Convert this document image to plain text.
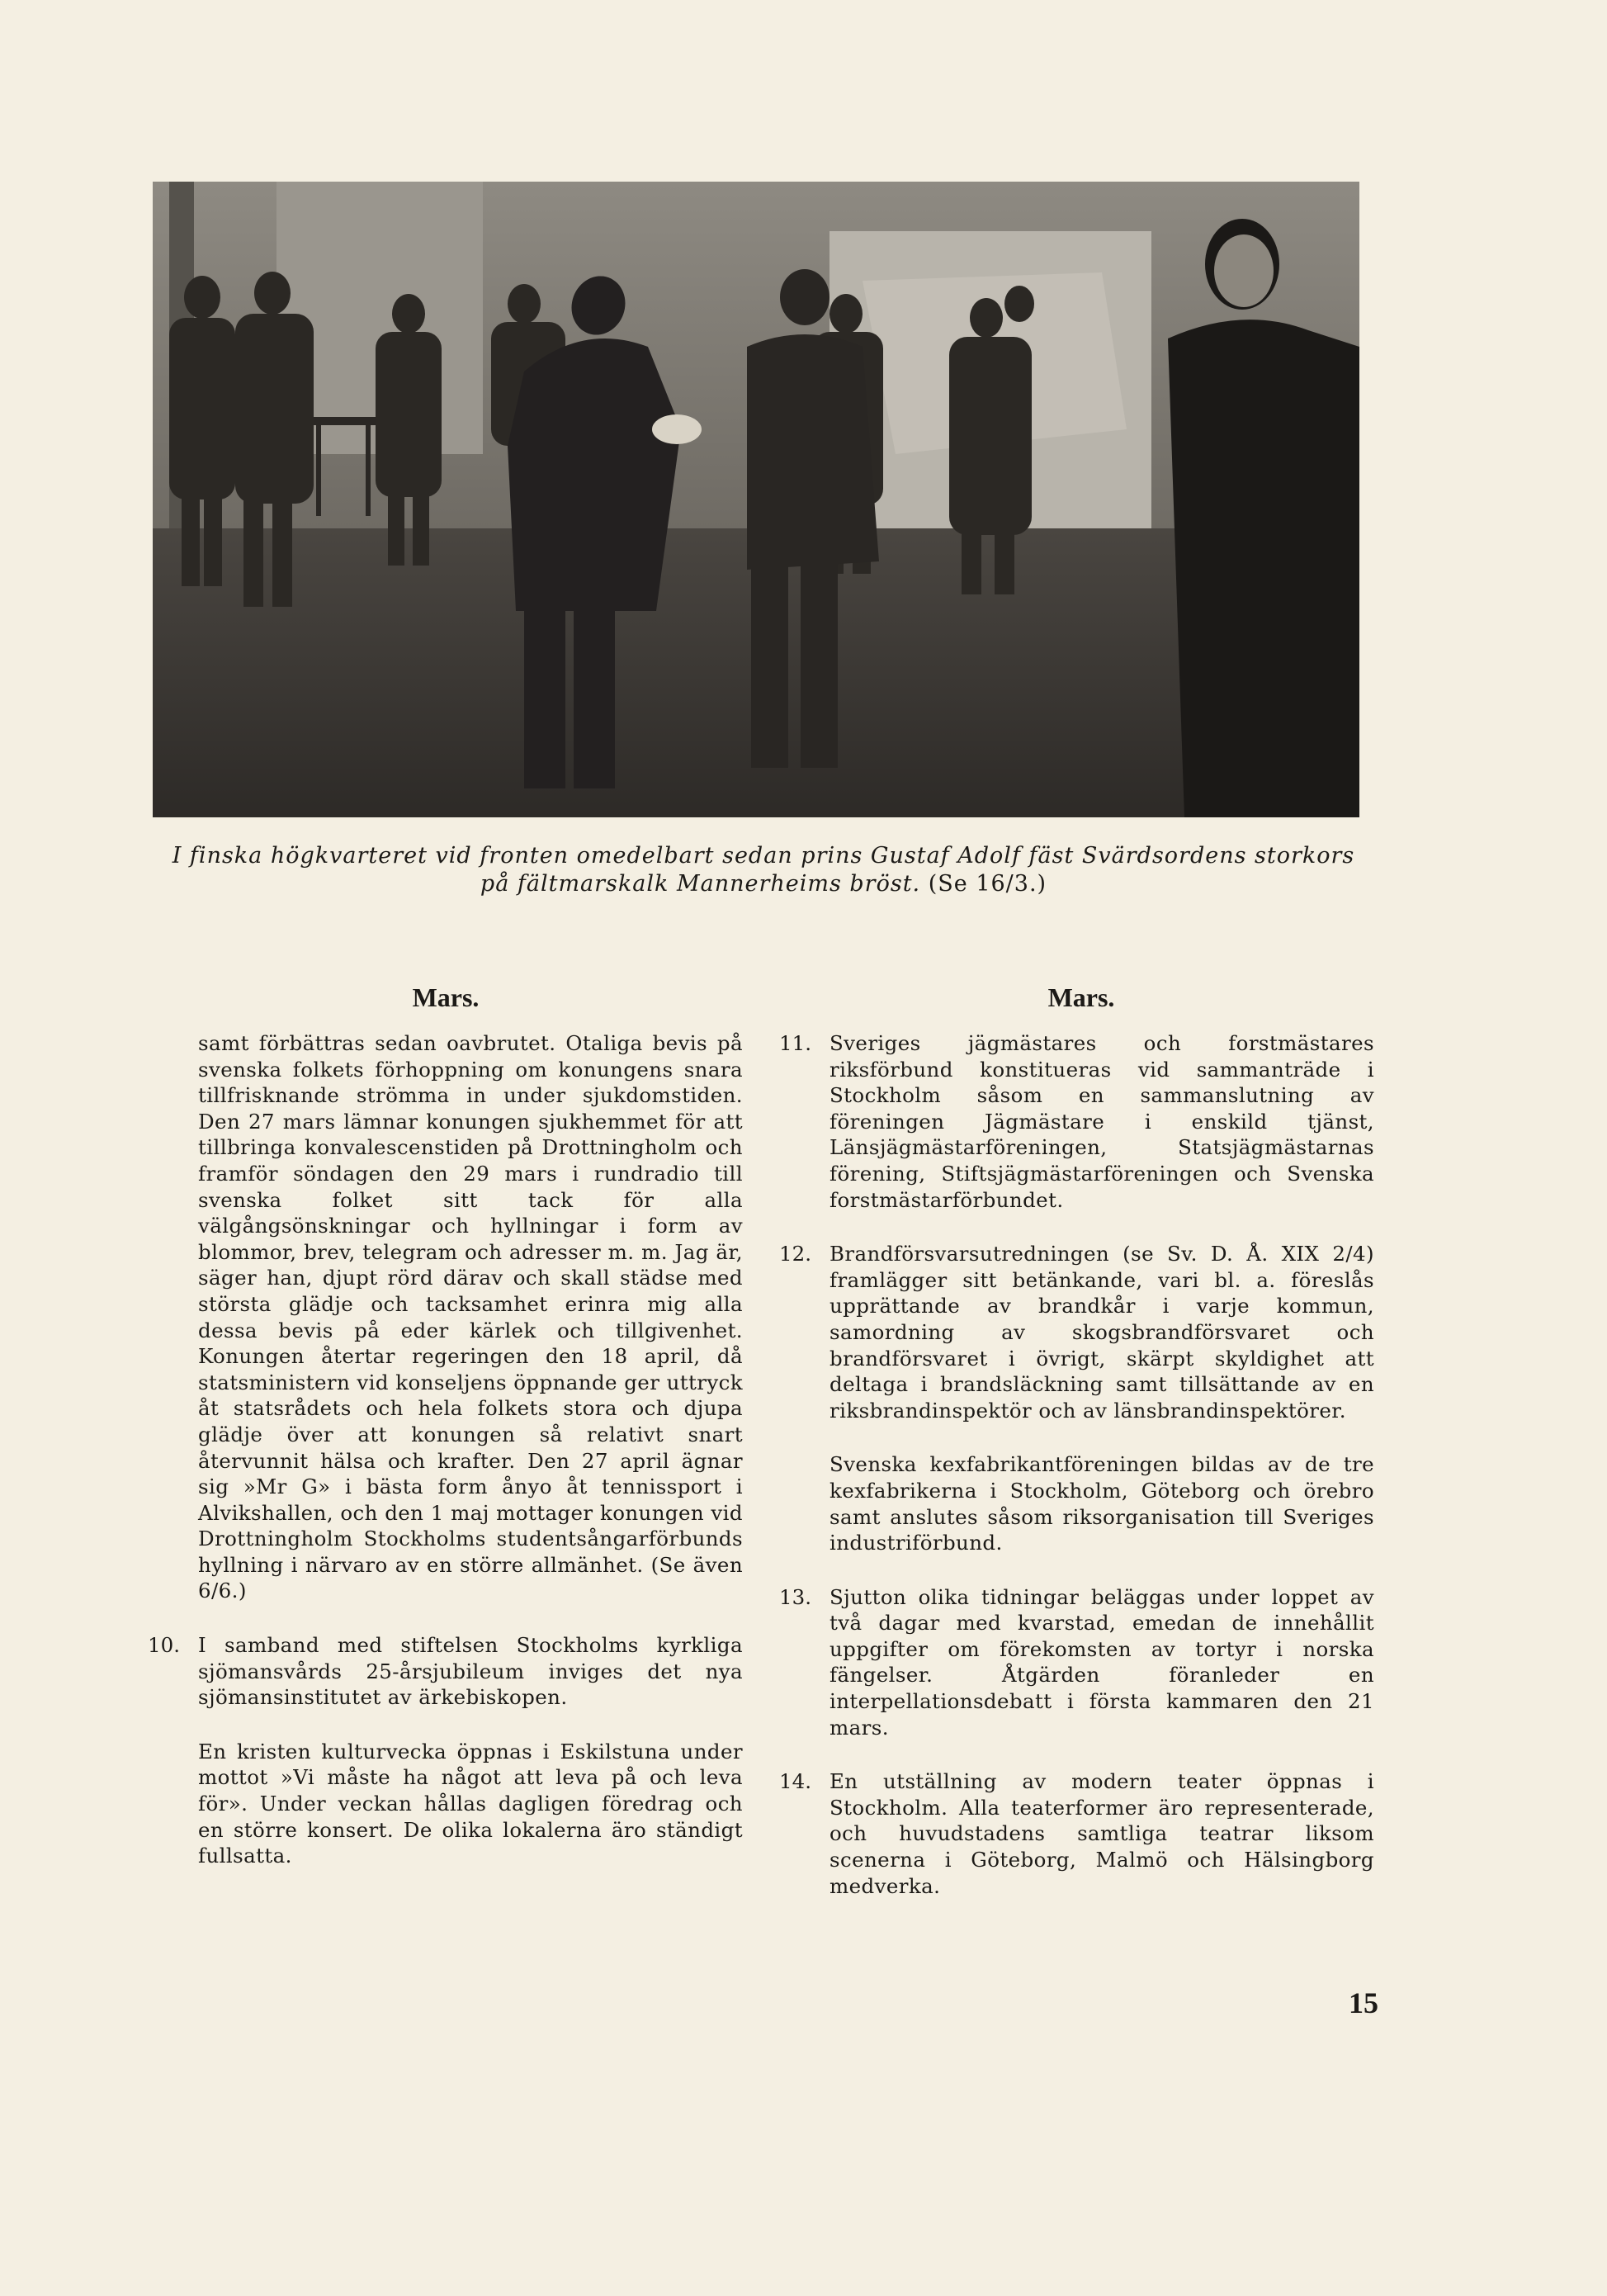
I finska högkvarteret vid fronten omedelbart sedan prins Gustaf Adolf fäst Svärdsordens storkors på fältmarskalk Mannerheims bröst. (Se 16/3.)
Mars.	Mars.
samt förbättras sedan oavbrutet. Otaliga bevis på svenska folkets förhoppning om konungens snara tillfrisknande strömma in under sjukdomstiden. Den 27 mars lämnar konungen sjukhemmet för att tillbringa konvalescenstiden på Drottningholm och framför söndagen den 29 mars i rundradio till svenska folket sitt tack för alla välgångsönskningar och hyllningar i form av blommor, brev, telegram och adresser m. m. Jag är, säger han, djupt rörd därav och skall städse med största glädje och tacksamhet erinra mig alla dessa bevis på eder kärlek och tillgivenhet. Konungen återtar regeringen den 18 april, då statsministern vid konseljens öppnande ger uttryck åt statsrådets och hela folkets stora och djupa glädje över att konungen så relativt snart återvunnit hälsa och krafter. Den 27 april ägnar sig »Mr G» i bästa form ånyo åt tennissport i Alvikshallen, och den 1 maj mottager konungen vid Drottningholm Stockholms studentsångarförbunds hyllning i närvaro av en större allmänhet. (Se även 6/6.)
10. I samband med stiftelsen Stockholms kyrkliga sjömansvårds 25-årsjubileum inviges det nya sjömansinstitutet av ärkebiskopen.
En kristen kulturvecka öppnas i Eskilstuna under mottot »Vi måste ha något att leva på och leva för». Under veckan hållas dagligen föredrag och en större konsert. De olika lokalerna äro ständigt fullsatta.
11. Sveriges jägmästares och forstmästares riksförbund konstitueras vid sammanträde i Stockholm såsom en sammanslutning av föreningen Jägmästare i enskild tjänst, Länsjägmästarföreningen, Statsjägmästarnas förening, Stiftsjägmästarföreningen och Svenska forstmästarförbundet.
12. Brandförsvarsutredningen (se Sv. D. Å. XIX 2/4) framlägger sitt betänkande, vari bl. a. föreslås upprättande av brandkår i varje kommun, samordning av skogsbrandförsvaret och brandförsvaret i övrigt, skärpt skyldighet att deltaga i brandsläckning samt tillsättande av en riksbrandinspektör och av länsbrandinspektörer.
Svenska kexfabrikantföreningen bildas av de tre kexfabrikerna i Stockholm, Göteborg och örebro samt anslutes såsom riksorganisation till Sveriges industriförbund.
13. Sjutton olika tidningar beläggas under loppet av två dagar med kvarstad, emedan de innehållit uppgifter om förekomsten av tortyr i norska fängelser. Åtgärden föranleder en interpellationsdebatt i första kammaren den 21 mars.
14. En utställning av modern teater öppnas i Stockholm. Alla teaterformer äro representerade, och huvudstadens samtliga teatrar liksom scenerna i Göteborg, Malmö och Hälsingborg medverka.
15
